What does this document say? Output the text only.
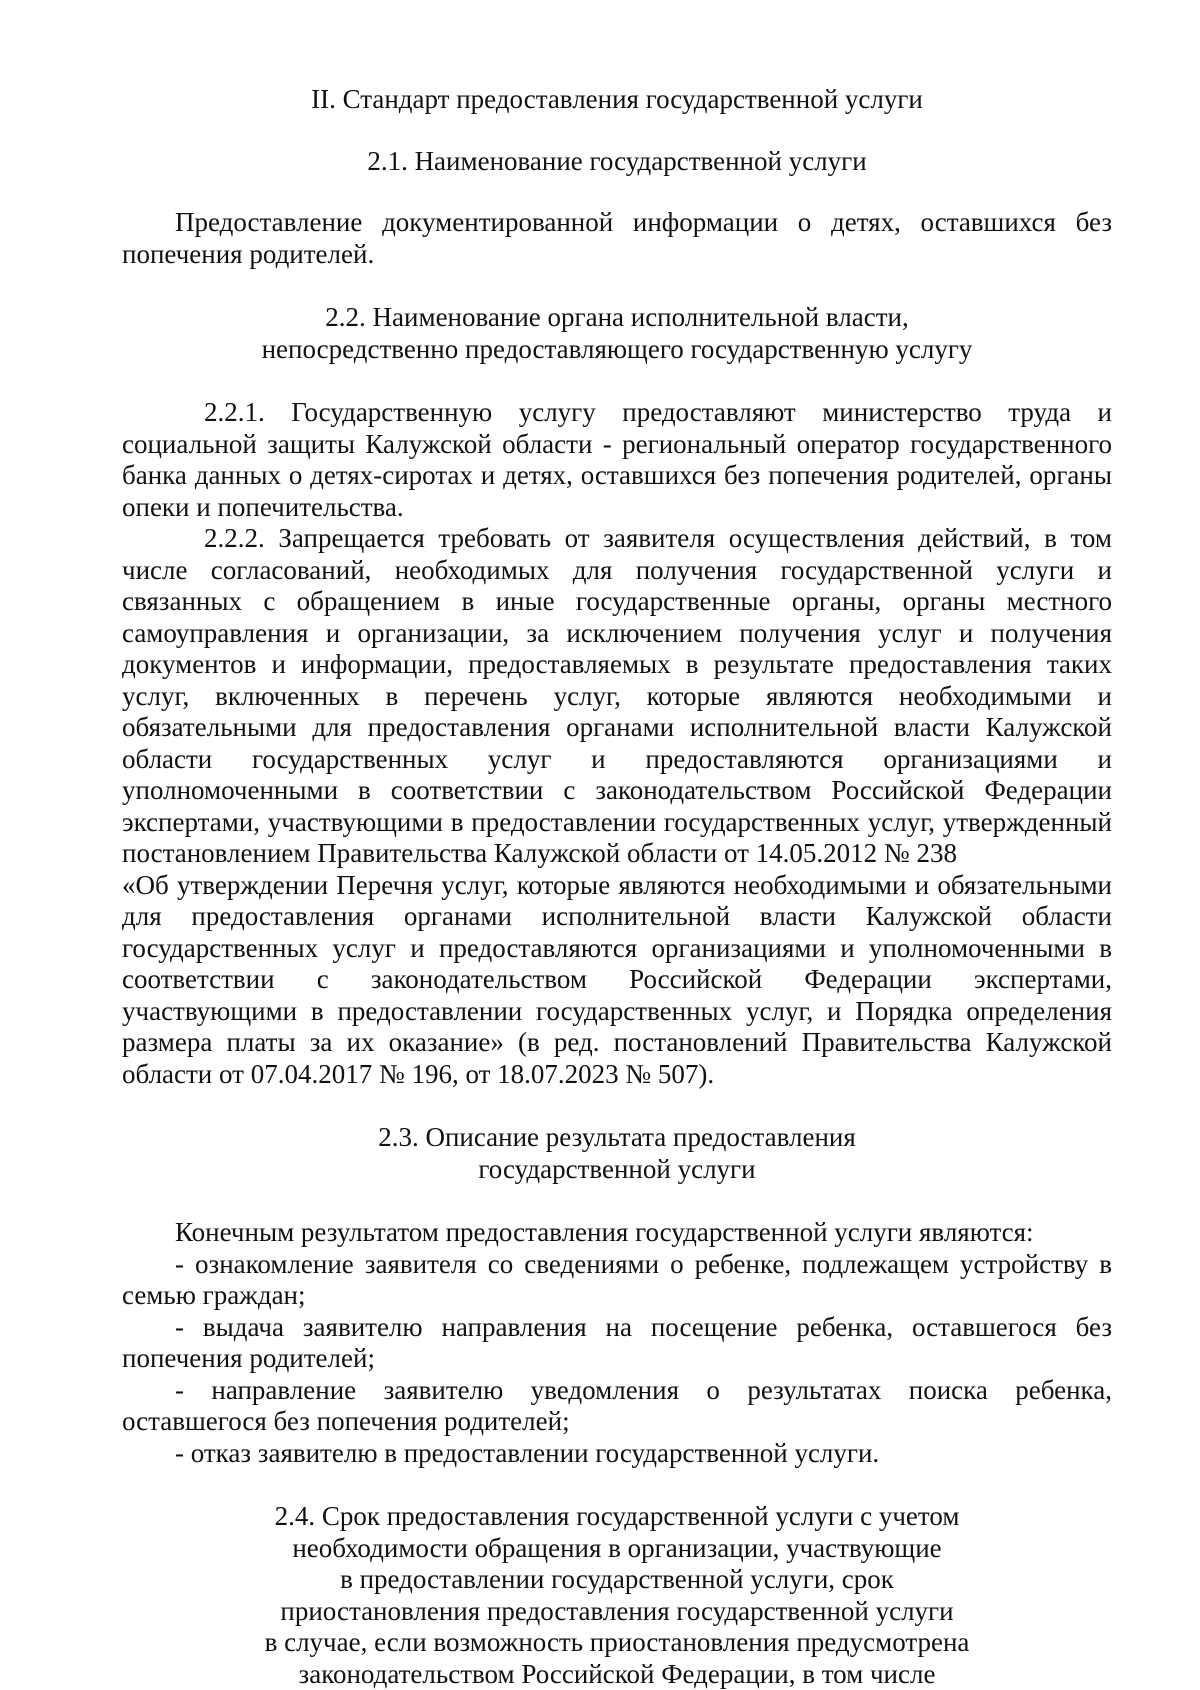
II. Стандарт предоставления государственной услуги

2.1. Наименование государственной услуги

Предоставление документированной информации о детях, оставшихся без попечения родителей.

2.2. Наименование органа исполнительной власти,

непосредственно предоставляющего государственную услугу

2.2.1. Государственную услугу предоставляют министерство труда и социальной защиты Калужской области - региональный оператор государственного банка данных о детях-сиротах и детях, оставшихся без попечения родителей, органы опеки и попечительства.

2.2.2. Запрещается требовать от заявителя осуществления действий, в том числе согласований, необходимых для получения государственной услуги и связанных с обращением в иные государственные органы, органы местного самоуправления и организации, за исключением получения услуг и получения документов и информации, предоставляемых в результате предоставления таких услуг, включенных в перечень услуг, которые являются необходимыми и обязательными для предоставления органами исполнительной власти Калужской области государственных услуг и предоставляются организациями и уполномоченными в соответствии с законодательством Российской Федерации экспертами, участвующими в предоставлении государственных услуг, утвержденный постановлением Правительства Калужской области от 14.05.2012 № 238

«Об утверждении Перечня услуг, которые являются необходимыми и обязательными для предоставления органами исполнительной власти Калужской области государственных услуг и предоставляются организациями и уполномоченными в соответствии с законодательством Российской Федерации экспертами, участвующими в предоставлении государственных услуг, и Порядка определения размера платы за их оказание» (в ред. постановлений Правительства Калужской области от 07.04.2017 № 196, от 18.07.2023 № 507).

2.3. Описание результата предоставления

государственной услуги

Конечным результатом предоставления государственной услуги являются:

- ознакомление заявителя со сведениями о ребенке, подлежащем устройству в семью граждан;

- выдача заявителю направления на посещение ребенка, оставшегося без попечения родителей;

- направление заявителю уведомления о результатах поиска ребенка, оставшегося без попечения родителей;

- отказ заявителю в предоставлении государственной услуги.

2.4. Срок предоставления государственной услуги с учетом

необходимости обращения в организации, участвующие

в предоставлении государственной услуги, срок

приостановления предоставления государственной услуги

в случае, если возможность приостановления предусмотрена

законодательством Российской Федерации, в том числе
